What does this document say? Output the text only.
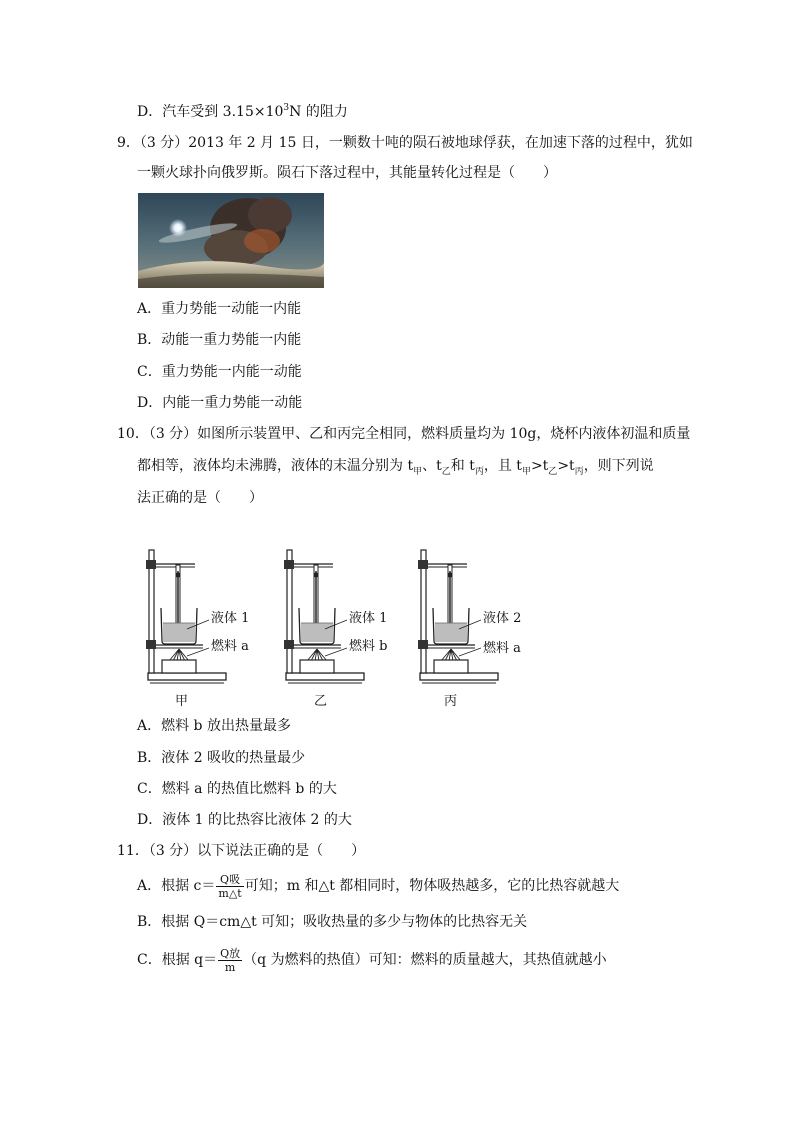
D．汽车受到 $3.15\times 10^3N$ 的阻力
9．（3 分）2013 年 2 月 15 日，一颗数十吨的陨石被地球俘获，在加速下落的过程中，犹如
一颗火球扑向俄罗斯。陨石下落过程中，其能量转化过程是（　　）
A．重力势能一动能一内能
B．动能一重力势能一内能
C．重力势能一内能一动能
D．内能一重力势能一动能
10．（3 分）如图所示装置甲、乙和丙完全相同，燃料质量均为 10g，烧杯内液体初温和质量
都相等，液体均未沸腾，液体的末温分别为 $t_甲$、$t_乙$和 $t_丙$，且 $t_甲>t_乙>t_丙$，则下列说
法正确的是（　　）
液体 1
燃料 a
甲
液体 1
燃料 b
乙
液体 2
燃料 a
丙
A．燃料 b 放出热量最多
B．液体 2 吸收的热量最少
C．燃料 a 的热值比燃料 b 的大
D．液体 1 的比热容比液体 2 的大
11．（3 分）以下说法正确的是（　　）
A．根据 $c= \frac{\text{Q吸}}{m\triangle t}$ 可知；m 和△t 都相同时，物体吸热越多，它的比热容就越大
B．根据 Q＝cm△t 可知；吸收热量的多少与物体的比热容无关
C．根据 $q= \frac{\text{Q放}}{m} (q$ 为燃料的热值）可知：燃料的质量越大，其热值就越小
